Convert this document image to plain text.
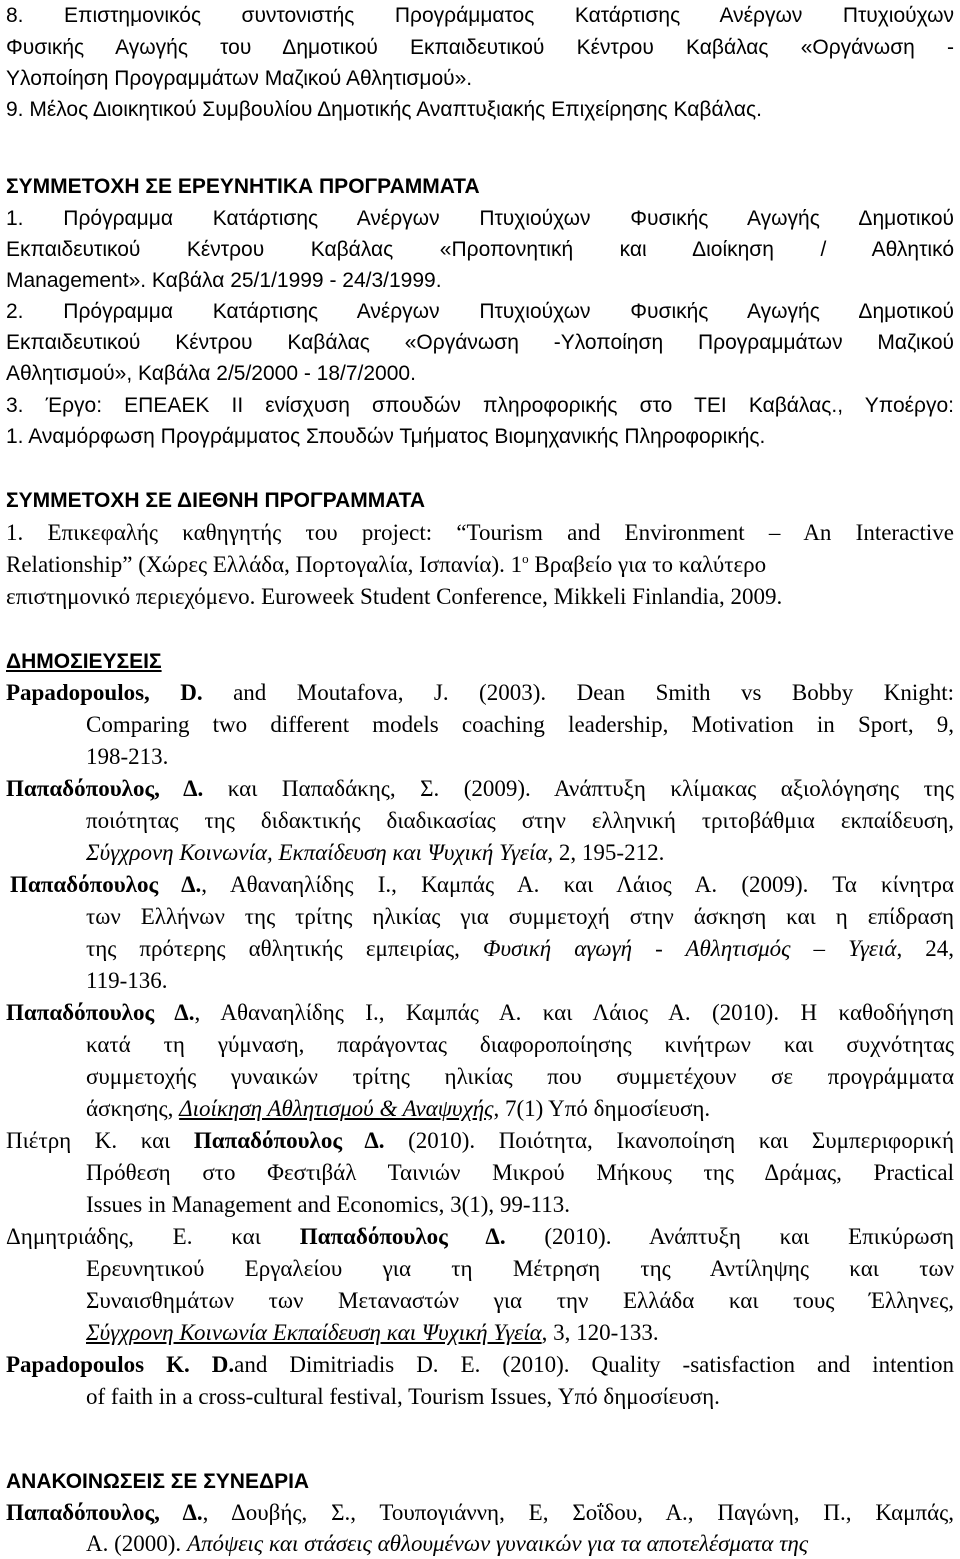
8. Επιστημονικός συντονιστής Προγράμματος Κατάρτισης Ανέργων Πτυχιούχων
Φυσικής Αγωγής του Δημοτικού Εκπαιδευτικού Κέντρου Καβάλας «Οργάνωση -
Υλοποίηση Προγραμμάτων Μαζικού Αθλητισμού».
9. Μέλος Διοικητικού Συμβουλίου Δημοτικής Αναπτυξιακής Επιχείρησης Καβάλας.
ΣΥΜΜΕΤΟΧΗ ΣΕ ΕΡΕΥΝΗΤΙΚΑ ΠΡΟΓΡΑΜΜΑΤΑ
1. Πρόγραμμα Κατάρτισης Ανέργων Πτυχιούχων Φυσικής Αγωγής Δημοτικού
Εκπαιδευτικού Κέντρου Καβάλας «Προπονητική και Διοίκηση / Αθλητικό
Management». Καβάλα 25/1/1999 - 24/3/1999.
2. Πρόγραμμα Κατάρτισης Ανέργων Πτυχιούχων Φυσικής Αγωγής Δημοτικού
Εκπαιδευτικού Κέντρου Καβάλας «Οργάνωση -Υλοποίηση Προγραμμάτων Μαζικού
Αθλητισμού», Καβάλα 2/5/2000 - 18/7/2000.
3. Έργο: ΕΠΕΑΕΚ ΙΙ ενίσχυση σπουδών πληροφορικής στο ΤΕΙ Καβάλας., Υποέργο:
1. Αναμόρφωση Προγράμματος Σπουδών Τμήματος Βιομηχανικής Πληροφορικής.
ΣΥΜΜΕΤΟΧΗ ΣΕ ΔΙΕΘΝΗ ΠΡΟΓΡΑΜΜΑΤΑ
1. Επικεφαλής καθηγητής του project: “Tourism and Environment – An Interactive
Relationship” (Χώρες Ελλάδα, Πορτογαλία, Ισπανία). $1^o$ Βραβείο για το καλύτερο
επιστημονικό περιεχόμενο. Euroweek Student Conference, Mikkeli Finlandia, 2009.
ΔΗΜΟΣΙΕΥΣΕΙΣ
Papadopoulos, D. and Moutafova, J. (2003). Dean Smith vs Bobby Knight:
Comparing two different models coaching leadership, Motivation in Sport, 9,
198-213.
Παπαδόπουλος, Δ. και Παπαδάκης, Σ. (2009). Ανάπτυξη κλίμακας αξιολόγησης της
ποιότητας της διδακτικής διαδικασίας στην ελληνική τριτοβάθμια εκπαίδευση,
Σύγχρονη Κοινωνία, Εκπαίδευση και Ψυχική Υγεία, 2, 195-212.
Παπαδόπουλος Δ., Αθαναηλίδης Ι., Καμπάς Α. και Λάιος Α. (2009). Τα κίνητρα
των Ελλήνων της τρίτης ηλικίας για συμμετοχή στην άσκηση και η επίδραση
της πρότερης αθλητικής εμπειρίας, Φυσική αγωγή - Αθλητισμός – Υγειά, 24,
119-136.
Παπαδόπουλος Δ., Αθαναηλίδης Ι., Καμπάς Α. και Λάιος Α. (2010). Η καθοδήγηση
κατά τη γύμναση, παράγοντας διαφοροποίησης κινήτρων και συχνότητας
συμμετοχής γυναικών τρίτης ηλικίας που συμμετέχουν σε προγράμματα
άσκησης, Διοίκηση Αθλητισμού & Αναψυχής, 7(1) Υπό δημοσίευση.
Πιέτρη Κ. και Παπαδόπουλος Δ. (2010). Ποιότητα, Ικανοποίηση και Συμπεριφορική
Πρόθεση στο Φεστιβάλ Ταινιών Μικρού Μήκους της Δράμας, Practical
Issues in Management and Economics, 3(1), 99-113.
Δημητριάδης, Ε. και Παπαδόπουλος Δ. (2010). Ανάπτυξη και Επικύρωση
Ερευνητικού Εργαλείου για τη Μέτρηση της Αντίληψης και των
Συναισθημάτων των Μεταναστών για την Ελλάδα και τους Έλληνες,
Σύγχρονη Κοινωνία Εκπαίδευση και Ψυχική Υγεία, 3, 120-133.
Papadopoulos K. D.and Dimitriadis D. E. (2010). Quality -satisfaction and intention
of faith in a cross-cultural festival, Tourism Issues, Υπό δημοσίευση.
ΑΝΑΚΟΙΝΩΣΕΙΣ ΣΕ ΣΥΝΕΔΡΙΑ
Παπαδόπουλος, Δ., Δουβής, Σ., Τουπογιάννη, Ε, Σοΐδου, Α., Παγώνη, Π., Καμπάς,
Α. (2000). Απόψεις και στάσεις αθλουμένων γυναικών για τα αποτελέσματα της
